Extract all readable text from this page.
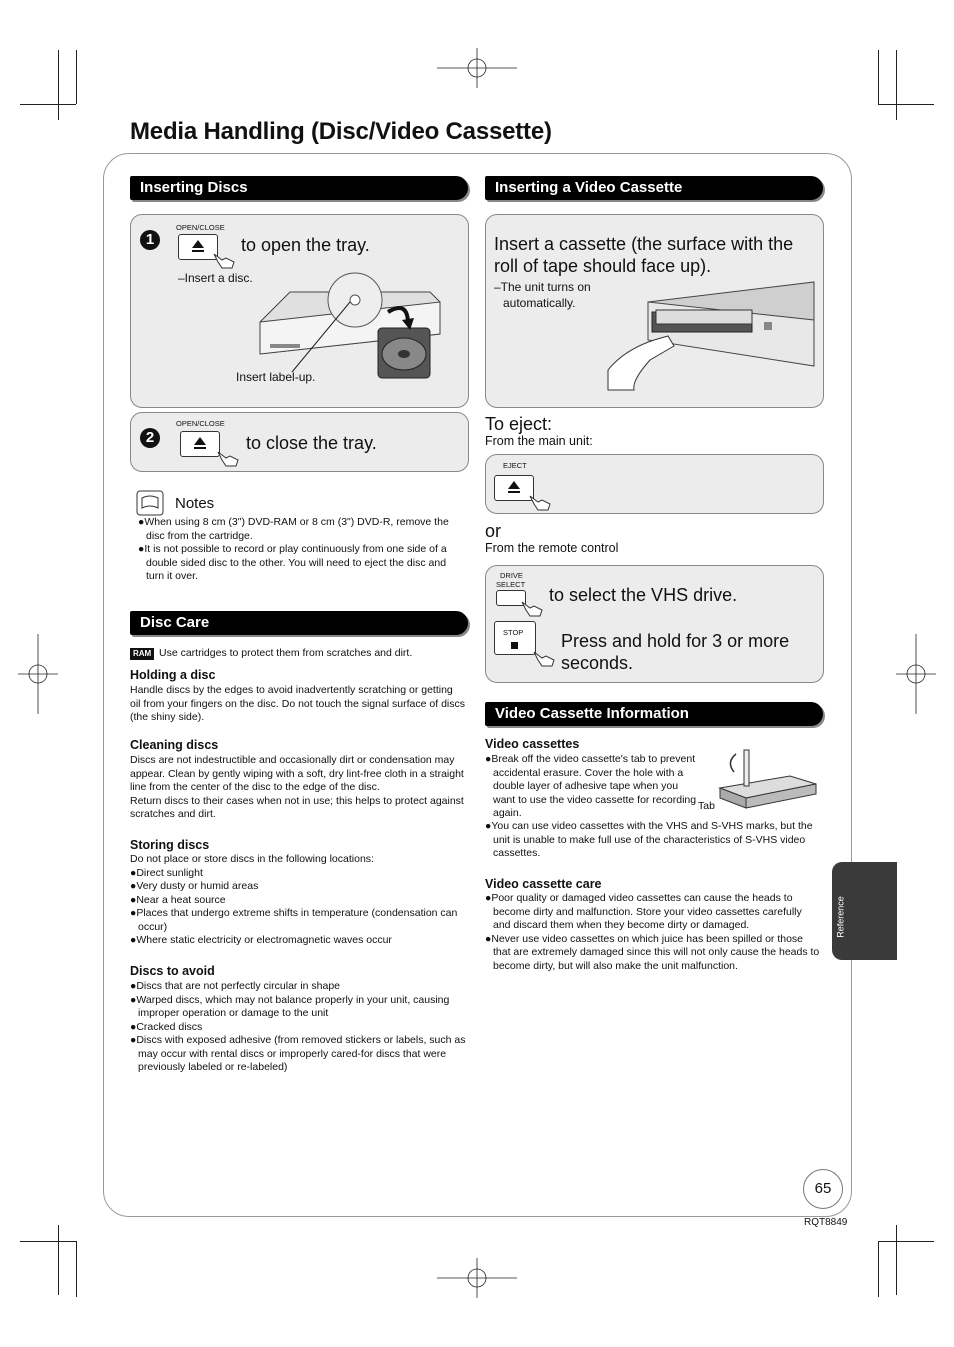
Media Handling (Disc/Video Cassette)
Inserting Discs
1
OPEN/CLOSE
to open the tray.
–Insert a disc.
Insert label-up.
2
OPEN/CLOSE
to close the tray.
Notes

●When using 8 cm (3") DVD-RAM or 8 cm (3") DVD-R, remove the disc from the cartridge.

●It is not possible to record or play continuously from one side of a double sided disc to the other. You will need to eject the disc and turn it over.

Disc Care
RAM Use cartridges to protect them from scratches and dirt.
Holding a disc
Handle discs by the edges to avoid inadvertently scratching or getting oil from your fingers on the disc. Do not touch the signal surface of discs (the shiny side).
Cleaning discs

Discs are not indestructible and occasionally dirt or condensation may appear. Clean by gently wiping with a soft, dry lint-free cloth in a straight line from the center of the disc to the edge of the disc.

Return discs to their cases when not in use; this helps to protect against scratches and dirt.

Storing discs

Do not place or store discs in the following locations:

●Direct sunlight

●Very dusty or humid areas

●Near a heat source

●Places that undergo extreme shifts in temperature (condensation can occur)

●Where static electricity or electromagnetic waves occur

Discs to avoid

●Discs that are not perfectly circular in shape

●Warped discs, which may not balance properly in your unit, causing improper operation or damage to the unit

●Cracked discs

●Discs with exposed adhesive (from removed stickers or labels, such as may occur with rental discs or improperly cared-for discs that were previously labeled or re-labeled)

Inserting a Video Cassette
Insert a cassette (the surface with the roll of tape should face up).
–The unit turns on
automatically.
To eject:
From the main unit:
EJECT
or
From the remote control
DRIVE
SELECT
to select the VHS drive.
STOP Press and hold for 3 or more seconds.
Video Cassette Information
Video cassettes
●Break off the video cassette's tab to prevent accidental erasure. Cover the hole with a double layer of adhesive tape when you want to use the video cassette for recording again.
●You can use video cassettes with the VHS and S-VHS marks, but the unit is unable to make full use of the characteristics of S-VHS video cassettes.
Tab
Video cassette care

●Poor quality or damaged video cassettes can cause the heads to become dirty and malfunction. Store your video cassettes carefully and discard them when they become dirty or damaged.

●Never use video cassettes on which juice has been spilled or those that are extremely damaged since this will not only cause the heads to become dirty, but will also make the unit malfunction.

Reference
65
RQT8849
